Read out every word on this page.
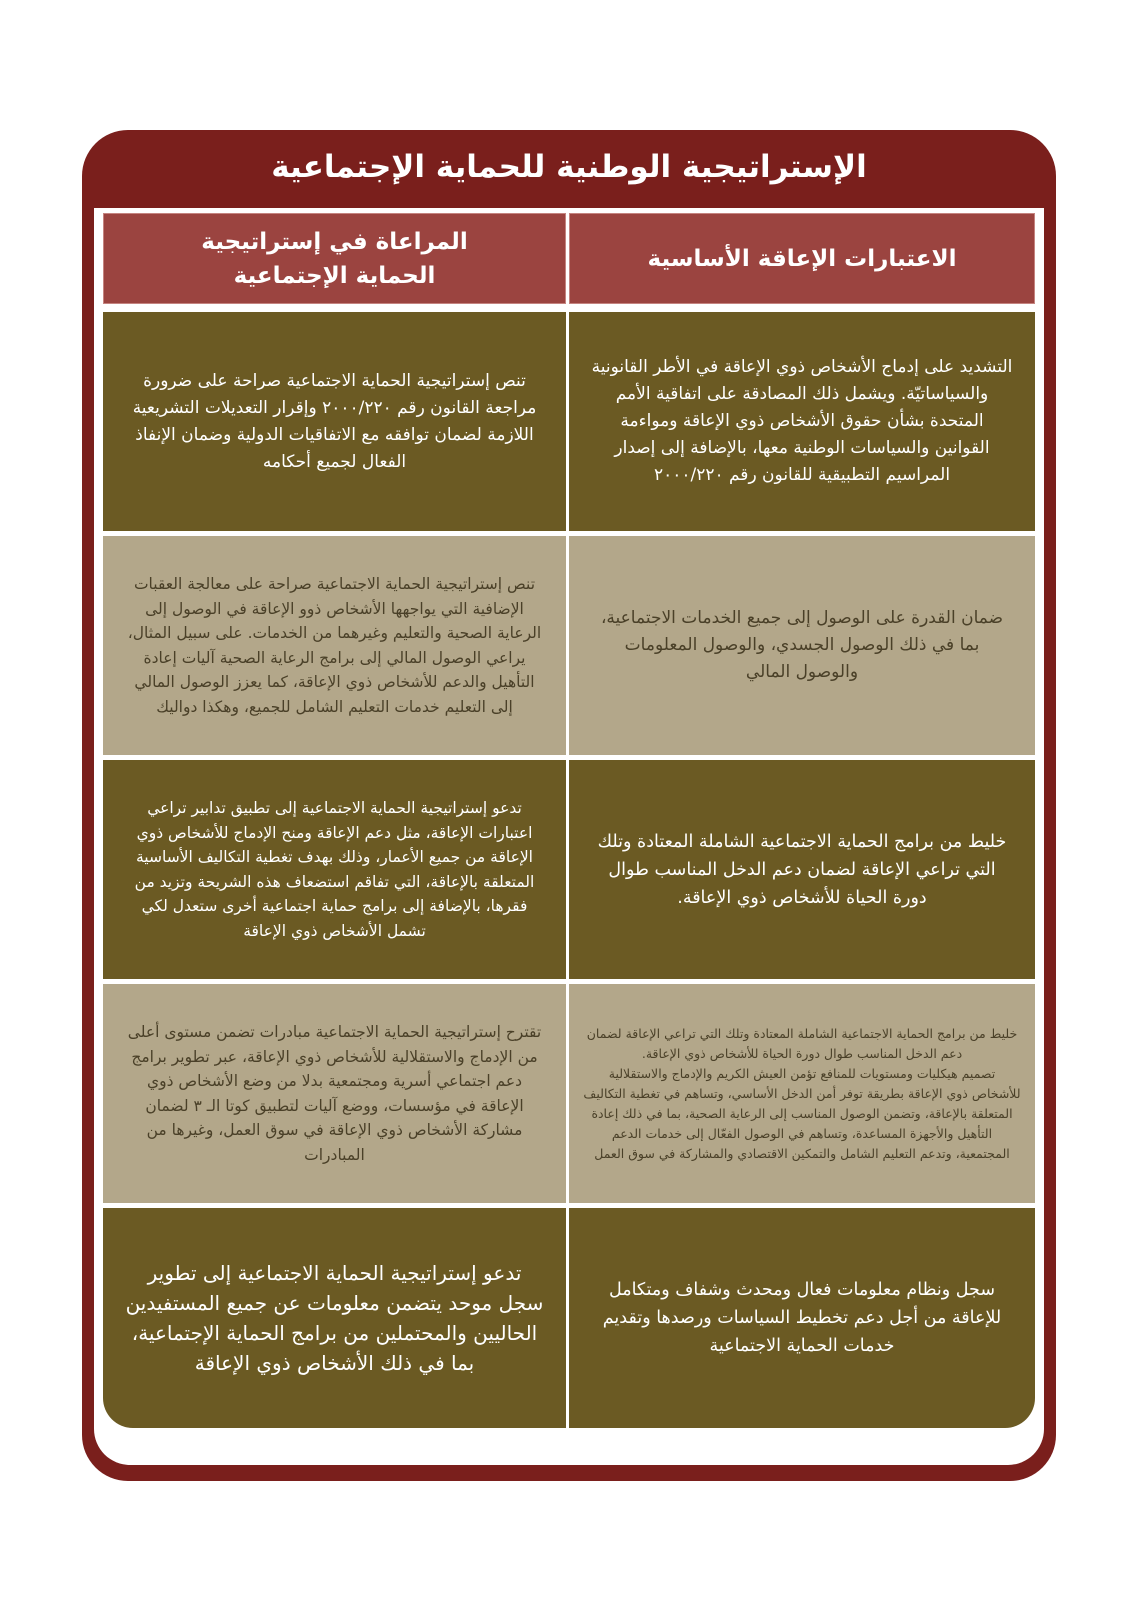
الإستراتيجية الوطنية للحماية الإجتماعية
الاعتبارات الإعاقة الأساسية
المراعاة في إستراتيجية الحماية الإجتماعية
التشديد على إدماج الأشخاص ذوي الإعاقة في الأطر القانونية والسياساتيّة. ويشمل ذلك المصادقة على اتفاقية الأمم المتحدة بشأن حقوق الأشخاص ذوي الإعاقة ومواءمة القوانين والسياسات الوطنية معها، بالإضافة إلى إصدار المراسيم التطبيقية للقانون رقم ٢٠٠٠/٢٢٠
تنص إستراتيجية الحماية الاجتماعية صراحة على ضرورة مراجعة القانون رقم ٢٠٠٠/٢٢٠ وإقرار التعديلات التشريعية اللازمة لضمان توافقه مع الاتفاقيات الدولية وضمان الإنفاذ الفعال لجميع أحكامه
ضمان القدرة على الوصول إلى جميع الخدمات الاجتماعية، بما في ذلك الوصول الجسدي، والوصول المعلومات والوصول المالي
تنص إستراتيجية الحماية الاجتماعية صراحة على معالجة العقبات الإضافية التي يواجهها الأشخاص ذوو الإعاقة في الوصول إلى الرعاية الصحية والتعليم وغيرهما من الخدمات. على سبيل المثال، يراعي الوصول المالي إلى برامج الرعاية الصحية آليات إعادة التأهيل والدعم للأشخاص ذوي الإعاقة، كما يعزز الوصول المالي إلى التعليم خدمات التعليم الشامل للجميع، وهكذا دواليك
خليط من برامج الحماية الاجتماعية الشاملة المعتادة وتلك التي تراعي الإعاقة لضمان دعم الدخل المناسب طوال دورة الحياة للأشخاص ذوي الإعاقة.
تدعو إستراتيجية الحماية الاجتماعية إلى تطبيق تدابير تراعي اعتبارات الإعاقة، مثل دعم الإعاقة ومنح الإدماج للأشخاص ذوي الإعاقة من جميع الأعمار، وذلك بهدف تغطية التكاليف الأساسية المتعلقة بالإعاقة، التي تفاقم استضعاف هذه الشريحة وتزيد من فقرها، بالإضافة إلى برامج حماية اجتماعية أخرى ستعدل لكي تشمل الأشخاص ذوي الإعاقة
خليط من برامج الحماية الاجتماعية الشاملة المعتادة وتلك التي تراعي الإعاقة لضمان دعم الدخل المناسب طوال دورة الحياة للأشخاص ذوي الإعاقة.
تصميم هيكليات ومستويات للمنافع تؤمن العيش الكريم والإدماج والاستقلالية للأشخاص ذوي الإعاقة بطريقة توفر أمن الدخل الأساسي، وتساهم في تغطية التكاليف المتعلقة بالإعاقة، وتضمن الوصول المناسب إلى الرعاية الصحية، بما في ذلك إعادة التأهيل والأجهزة المساعدة، وتساهم في الوصول الفعّال إلى خدمات الدعم المجتمعية، وتدعم التعليم الشامل والتمكين الاقتصادي والمشاركة في سوق العمل
تقترح إستراتيجية الحماية الاجتماعية مبادرات تضمن مستوى أعلى من الإدماج والاستقلالية للأشخاص ذوي الإعاقة، عبر تطوير برامج دعم اجتماعي أسرية ومجتمعية بدلا من وضع الأشخاص ذوي الإعاقة في مؤسسات، ووضع آليات لتطبيق كوتا الـ ٣ لضمان مشاركة الأشخاص ذوي الإعاقة في سوق العمل، وغيرها من المبادرات
سجل ونظام معلومات فعال ومحدث وشفاف ومتكامل للإعاقة من أجل دعم تخطيط السياسات ورصدها وتقديم خدمات الحماية الاجتماعية
تدعو إستراتيجية الحماية الاجتماعية إلى تطوير سجل موحد يتضمن معلومات عن جميع المستفيدين الحاليين والمحتملين من برامج الحماية الإجتماعية، بما في ذلك الأشخاص ذوي الإعاقة
